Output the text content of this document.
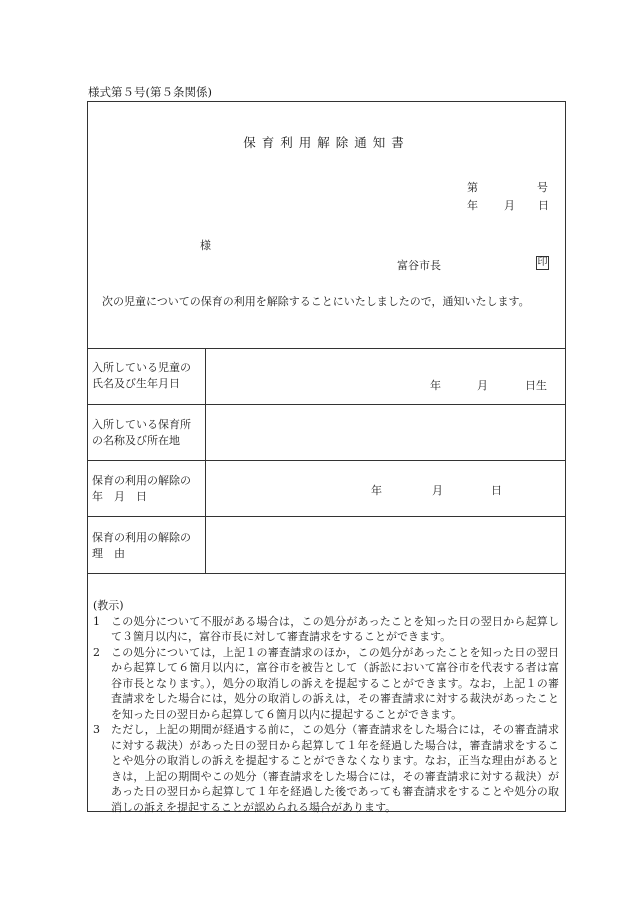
様式第５号(第５条関係)
保育利用解除通知書
第	号
年 月 日
様
富谷市長	印
次の児童についての保育の利用を解除することにいたしましたので，通知いたします。
入所している児童の
氏名及び生年月日	年	月	日生
入所している保育所
の名称及び所在地
保育の利用の解除の
年　月　日	年	月	日
保育の利用の解除の
理　由
(教示)
1	この処分について不服がある場合は，この処分があったことを知った日の翌日から起算して３箇月以内に，富谷市長に対して審査請求をすることができます。
2	この処分については，上記１の審査請求のほか，この処分があったことを知った日の翌日から起算して６箇月以内に，富谷市を被告として（訴訟において富谷市を代表する者は富谷市長となります。），処分の取消しの訴えを提起することができます。なお，上記１の審査請求をした場合には，処分の取消しの訴えは，その審査請求に対する裁決があったことを知った日の翌日から起算して６箇月以内に提起することができます。
3	ただし，上記の期間が経過する前に，この処分（審査請求をした場合には，その審査請求に対する裁決）があった日の翌日から起算して１年を経過した場合は，審査請求をすることや処分の取消しの訴えを提起することができなくなります。なお，正当な理由があるときは，上記の期間やこの処分（審査請求をした場合には，その審査請求に対する裁決）があった日の翌日から起算して１年を経過した後であっても審査請求をすることや処分の取消しの訴えを提起することが認められる場合があります。
